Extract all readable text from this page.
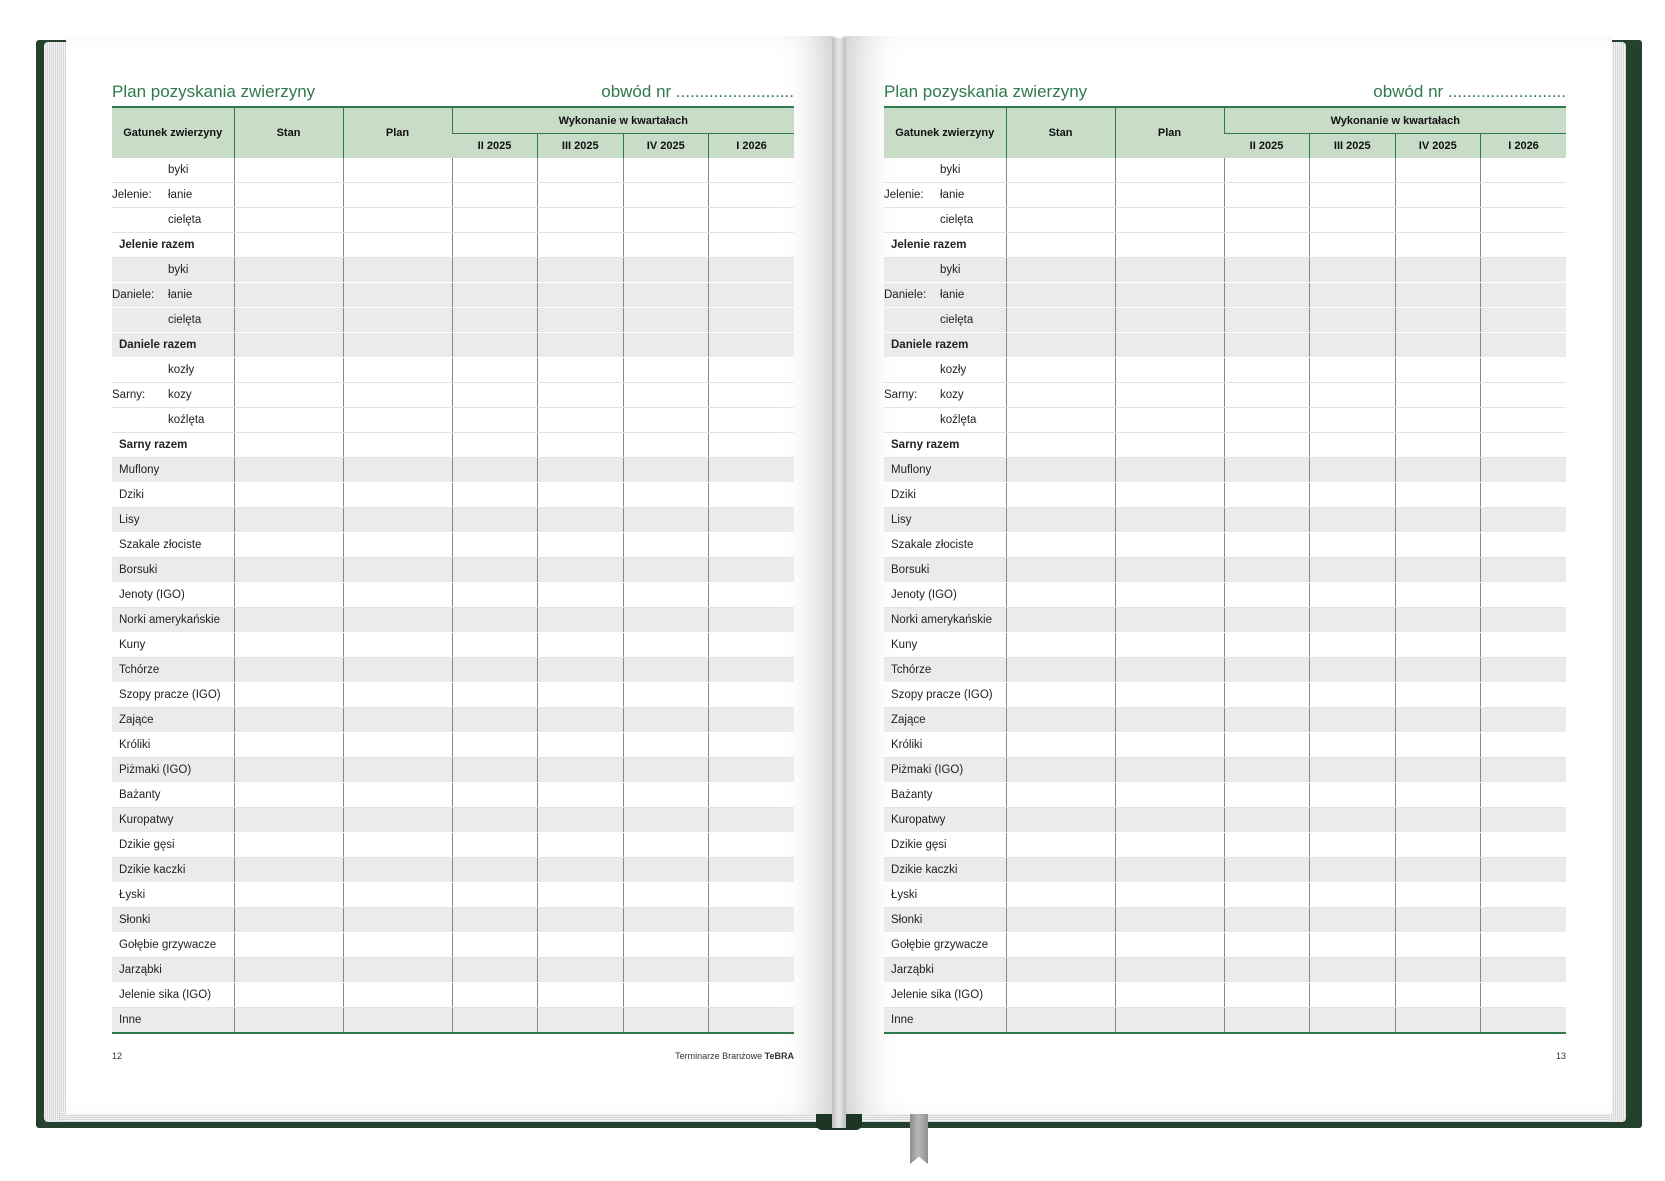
Plan pozyskania zwierzyny	obwód nr .........................
Gatunek zwierzyny	Stan	Plan	Wykonanie w kwartałach			
			II 2025	III 2025	IV 2025	I 2026

byki						

Jelenie: łanie						

cielęta						

Jelenie razem						

byki						

Daniele: łanie						

cielęta						

Daniele razem						

kozły						

Sarny: kozy						

koźlęta						

Sarny razem						
Muflony						
Dziki						
Lisy						
Szakale złociste						
Borsuki						
Jenoty (IGO)						
Norki amerykańskie						
Kuny						
Tchórze						
Szopy pracze (IGO)						
Zające						
Króliki						
Piżmaki (IGO)						
Bażanty						
Kuropatwy						
Dzikie gęsi						
Dzikie kaczki						
Łyski						
Słonki						
Gołębie grzywacze						
Jarząbki						
Jelenie sika (IGO)						
Inne						
12	Terminarze Branżowe TeBRA
Plan pozyskania zwierzyny	obwód nr .........................
Gatunek zwierzyny	Stan	Plan	Wykonanie w kwartałach			
			II 2025	III 2025	IV 2025	I 2026

byki						

Jelenie: łanie						

cielęta						

Jelenie razem						

byki						

Daniele: łanie						

cielęta						

Daniele razem						

kozły						

Sarny: kozy						

koźlęta						

Sarny razem						
Muflony						
Dziki						
Lisy						
Szakale złociste						
Borsuki						
Jenoty (IGO)						
Norki amerykańskie						
Kuny						
Tchórze						
Szopy pracze (IGO)						
Zające						
Króliki						
Piżmaki (IGO)						
Bażanty						
Kuropatwy						
Dzikie gęsi						
Dzikie kaczki						
Łyski						
Słonki						
Gołębie grzywacze						
Jarząbki						
Jelenie sika (IGO)						
Inne						
13
